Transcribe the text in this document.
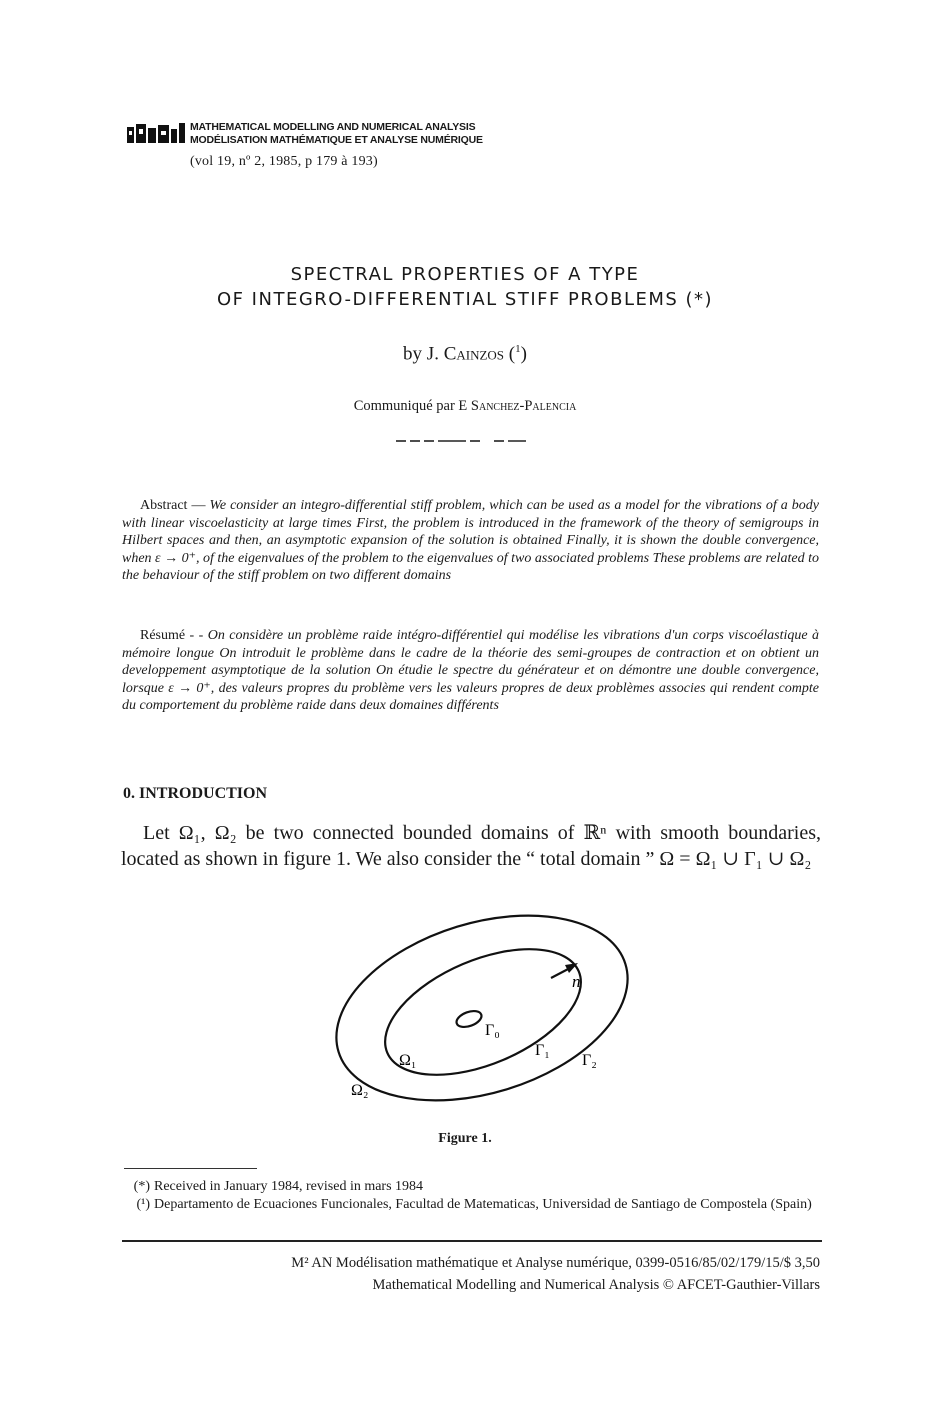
MATHEMATICAL MODELLING AND NUMERICAL ANALYSIS
MODÉLISATION MATHÉMATIQUE ET ANALYSE NUMÉRIQUE
(vol 19, nº 2, 1985, p 179 à 193)
SPECTRAL PROPERTIES OF A TYPE
OF INTEGRO-DIFFERENTIAL STIFF PROBLEMS (*)
by J. Cainzos ($^1$)
Communiqué par E Sanchez-Palencia
Abstract — We consider an integro-differential stiff problem, which can be used as a model for the vibrations of a body with linear viscoelasticity at large times First, the problem is introduced in the framework of the theory of semigroups in Hilbert spaces and then, an asymptotic expansion of the solution is obtained Finally, it is shown the double convergence, when ε → 0⁺, of the eigenvalues of the problem to the eigenvalues of two associated problems These problems are related to the behaviour of the stiff problem on two different domains
Résumé - - On considère un problème raide intégro-différentiel qui modélise les vibrations d'un corps viscoélastique à mémoire longue On introduit le problème dans le cadre de la théorie des semi-groupes de contraction et on obtient un developpement asymptotique de la solution On étudie le spectre du générateur et on démontre une double convergence, lorsque ε → 0⁺, des valeurs propres du problème vers les valeurs propres de deux problèmes associes qui rendent compte du comportement du problème raide dans deux domaines différents
0. INTRODUCTION
Let Ω₁, Ω₂ be two connected bounded domains of ℝⁿ with smooth boundaries, located as shown in figure 1. We also consider the “ total domain ” Ω = Ω₁ ∪ Γ₁ ∪ Ω₂
n
Γ₀
Γ₁
Γ₂
Ω₁
Ω₂
Figure 1.
(*) Received in January 1984, revised in mars 1984
(¹) Departamento de Ecuaciones Funcionales, Facultad de Matematicas, Universidad de Santiago de Compostela (Spain)
M² AN Modélisation mathématique et Analyse numérique, 0399-0516/85/02/179/15/$ 3,50
Mathematical Modelling and Numerical Analysis © AFCET-Gauthier-Villars
